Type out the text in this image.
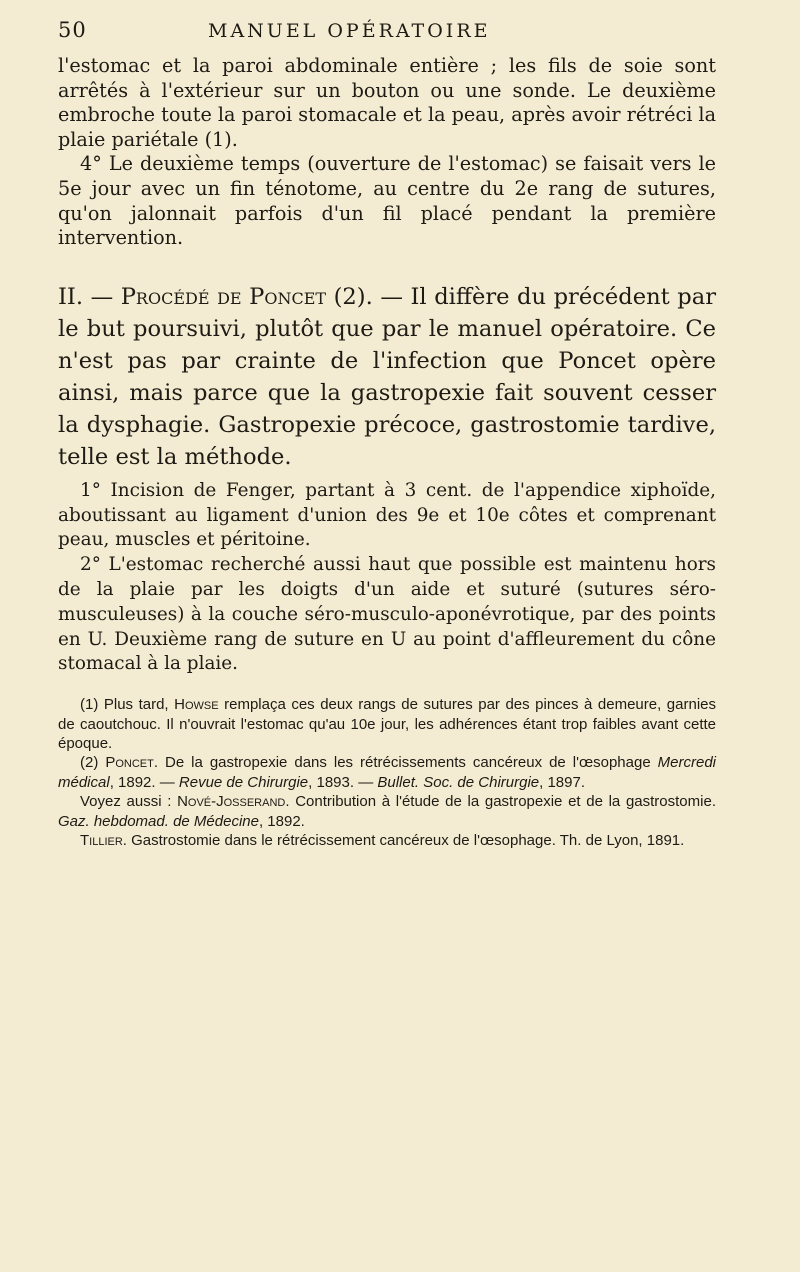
50	MANUEL OPÉRATOIRE

l'estomac et la paroi abdominale entière ; les fils de soie sont arrêtés à l'extérieur sur un bouton ou une sonde. Le deuxième embroche toute la paroi stomacale et la peau, après avoir rétréci la plaie pariétale (1).

4° Le deuxième temps (ouverture de l'estomac) se faisait vers le 5e jour avec un fin ténotome, au centre du 2e rang de sutures, qu'on jalonnait parfois d'un fil placé pendant la première intervention.

II. — Procédé de Poncet (2). — Il diffère du précédent par le but poursuivi, plutôt que par le manuel opératoire. Ce n'est pas par crainte de l'infection que Poncet opère ainsi, mais parce que la gastropexie fait souvent cesser la dysphagie. Gastropexie précoce, gastrostomie tardive, telle est la méthode.

1° Incision de Fenger, partant à 3 cent. de l'appendice xiphoïde, aboutissant au ligament d'union des 9e et 10e côtes et comprenant peau, muscles et péritoine.

2° L'estomac recherché aussi haut que possible est maintenu hors de la plaie par les doigts d'un aide et suturé (sutures séro-musculeuses) à la couche séro-musculo-aponévrotique, par des points en U. Deuxième rang de suture en U au point d'affleurement du cône stomacal à la plaie.

(1) Plus tard, Howse remplaça ces deux rangs de sutures par des pinces à demeure, garnies de caoutchouc. Il n'ouvrait l'estomac qu'au 10e jour, les adhérences étant trop faibles avant cette époque.

(2) Poncet. De la gastropexie dans les rétrécissements cancéreux de l'œsophage Mercredi médical, 1892. — Revue de Chirurgie, 1893. — Bullet. Soc. de Chirurgie, 1897.

Voyez aussi : Nové-Josserand. Contribution à l'étude de la gastropexie et de la gastrostomie. Gaz. hebdomad. de Médecine, 1892.

Tillier. Gastrostomie dans le rétrécissement cancéreux de l'œsophage. Th. de Lyon, 1891.
